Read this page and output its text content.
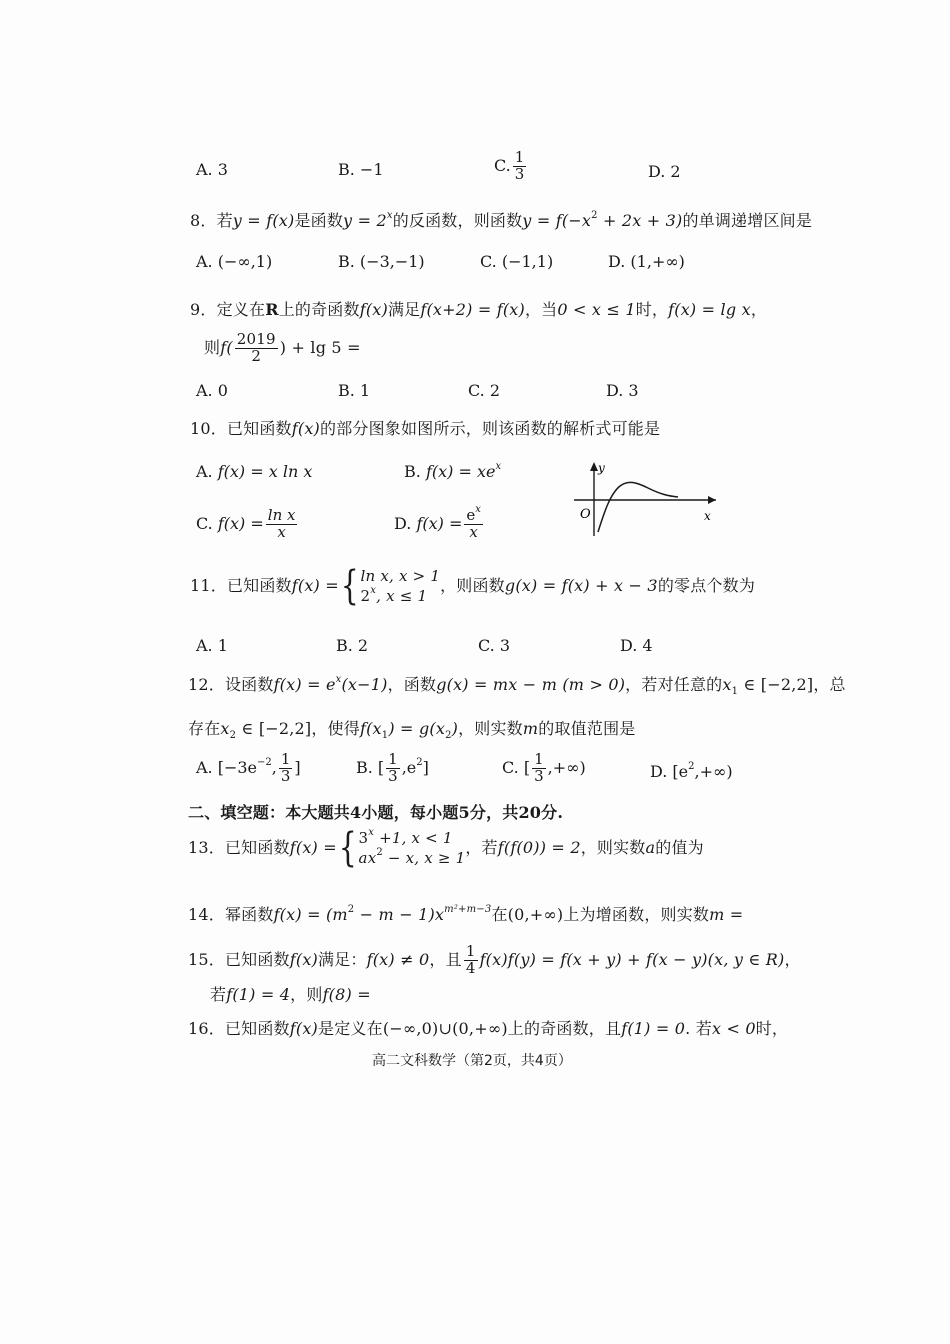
A. 3	B. −1	C. $\frac{1}{3}$	D. 2
8．若y = f(x)是函数$y = 2^x$的反函数，则函数$y = f(-x^2 + 2x + 3)$的单调递增区间是
A. (−∞,1)	B. (−3,−1)	C. (−1,1)	D. (1,+∞)
9．定义在R上的奇函数f(x)满足f(x+2) = f(x)，当0 < x ≤ 1时，f(x) = lg x，
则$f( \frac{2019}{2}$ ) + lg 5 =
A. 0	B. 1	C. 2	D. 3
10．已知函数f(x)的部分图象如图所示，则该函数的解析式可能是
A. f(x) = x ln x	B. $f(x) = xe^x$
C. $f(x) = \frac{\text{ln x}}{x}$	D. $f(x) = \frac{e^x}{x}$
y
x
O
11．已知函数f(x) ={ ln x, x > 1
2$^x$, x ≤ 1
，则函数g(x) = f(x) + x − 3的零点个数为
A. 1	B. 2	C. 3	D. 4
12．设函数$f(x) = e^x(x-1)$，函数g(x) = mx − m (m > 0)，若对任意的$x_1$ ∈ [−2,2]，总
存在$x_2$ ∈ [−2,2]，使得$f(x_1) = g(x_2)$，则实数m的取值范围是
A. [$-3e^{-2}$, $\frac{1}{3}$ ]	B. [ $\frac{1}{3} ,e^2$]	C. [ $\frac{1}{3}$ ,+∞)	D. $[e^2,+\infty)$
二、填空题：本大题共4小题，每小题5分，共20分.
13．已知函数f(x) ={ $3^x +1$, x < 1
$ax^2 - x$, x ≥ 1
，若f(f(0)) = 2，则实数a的值为
14．幂函数$f(x) = (m^2 - m - 1)x^{m^2+m-3}$在(0,+∞)上为增函数，则实数m =
15．已知函数f(x)满足：f(x) ≠ 0，且 $\frac{1}{4} f(x)f(y) = f(x + y) + f(x - y)(x$, y ∈ R)，
若f(1) = 4，则f(8) =
16．已知函数f(x)是定义在(−∞,0)∪(0,+∞)上的奇函数，且f(1) = 0. 若x < 0时，
高二文科数学（第2页，共4页）
